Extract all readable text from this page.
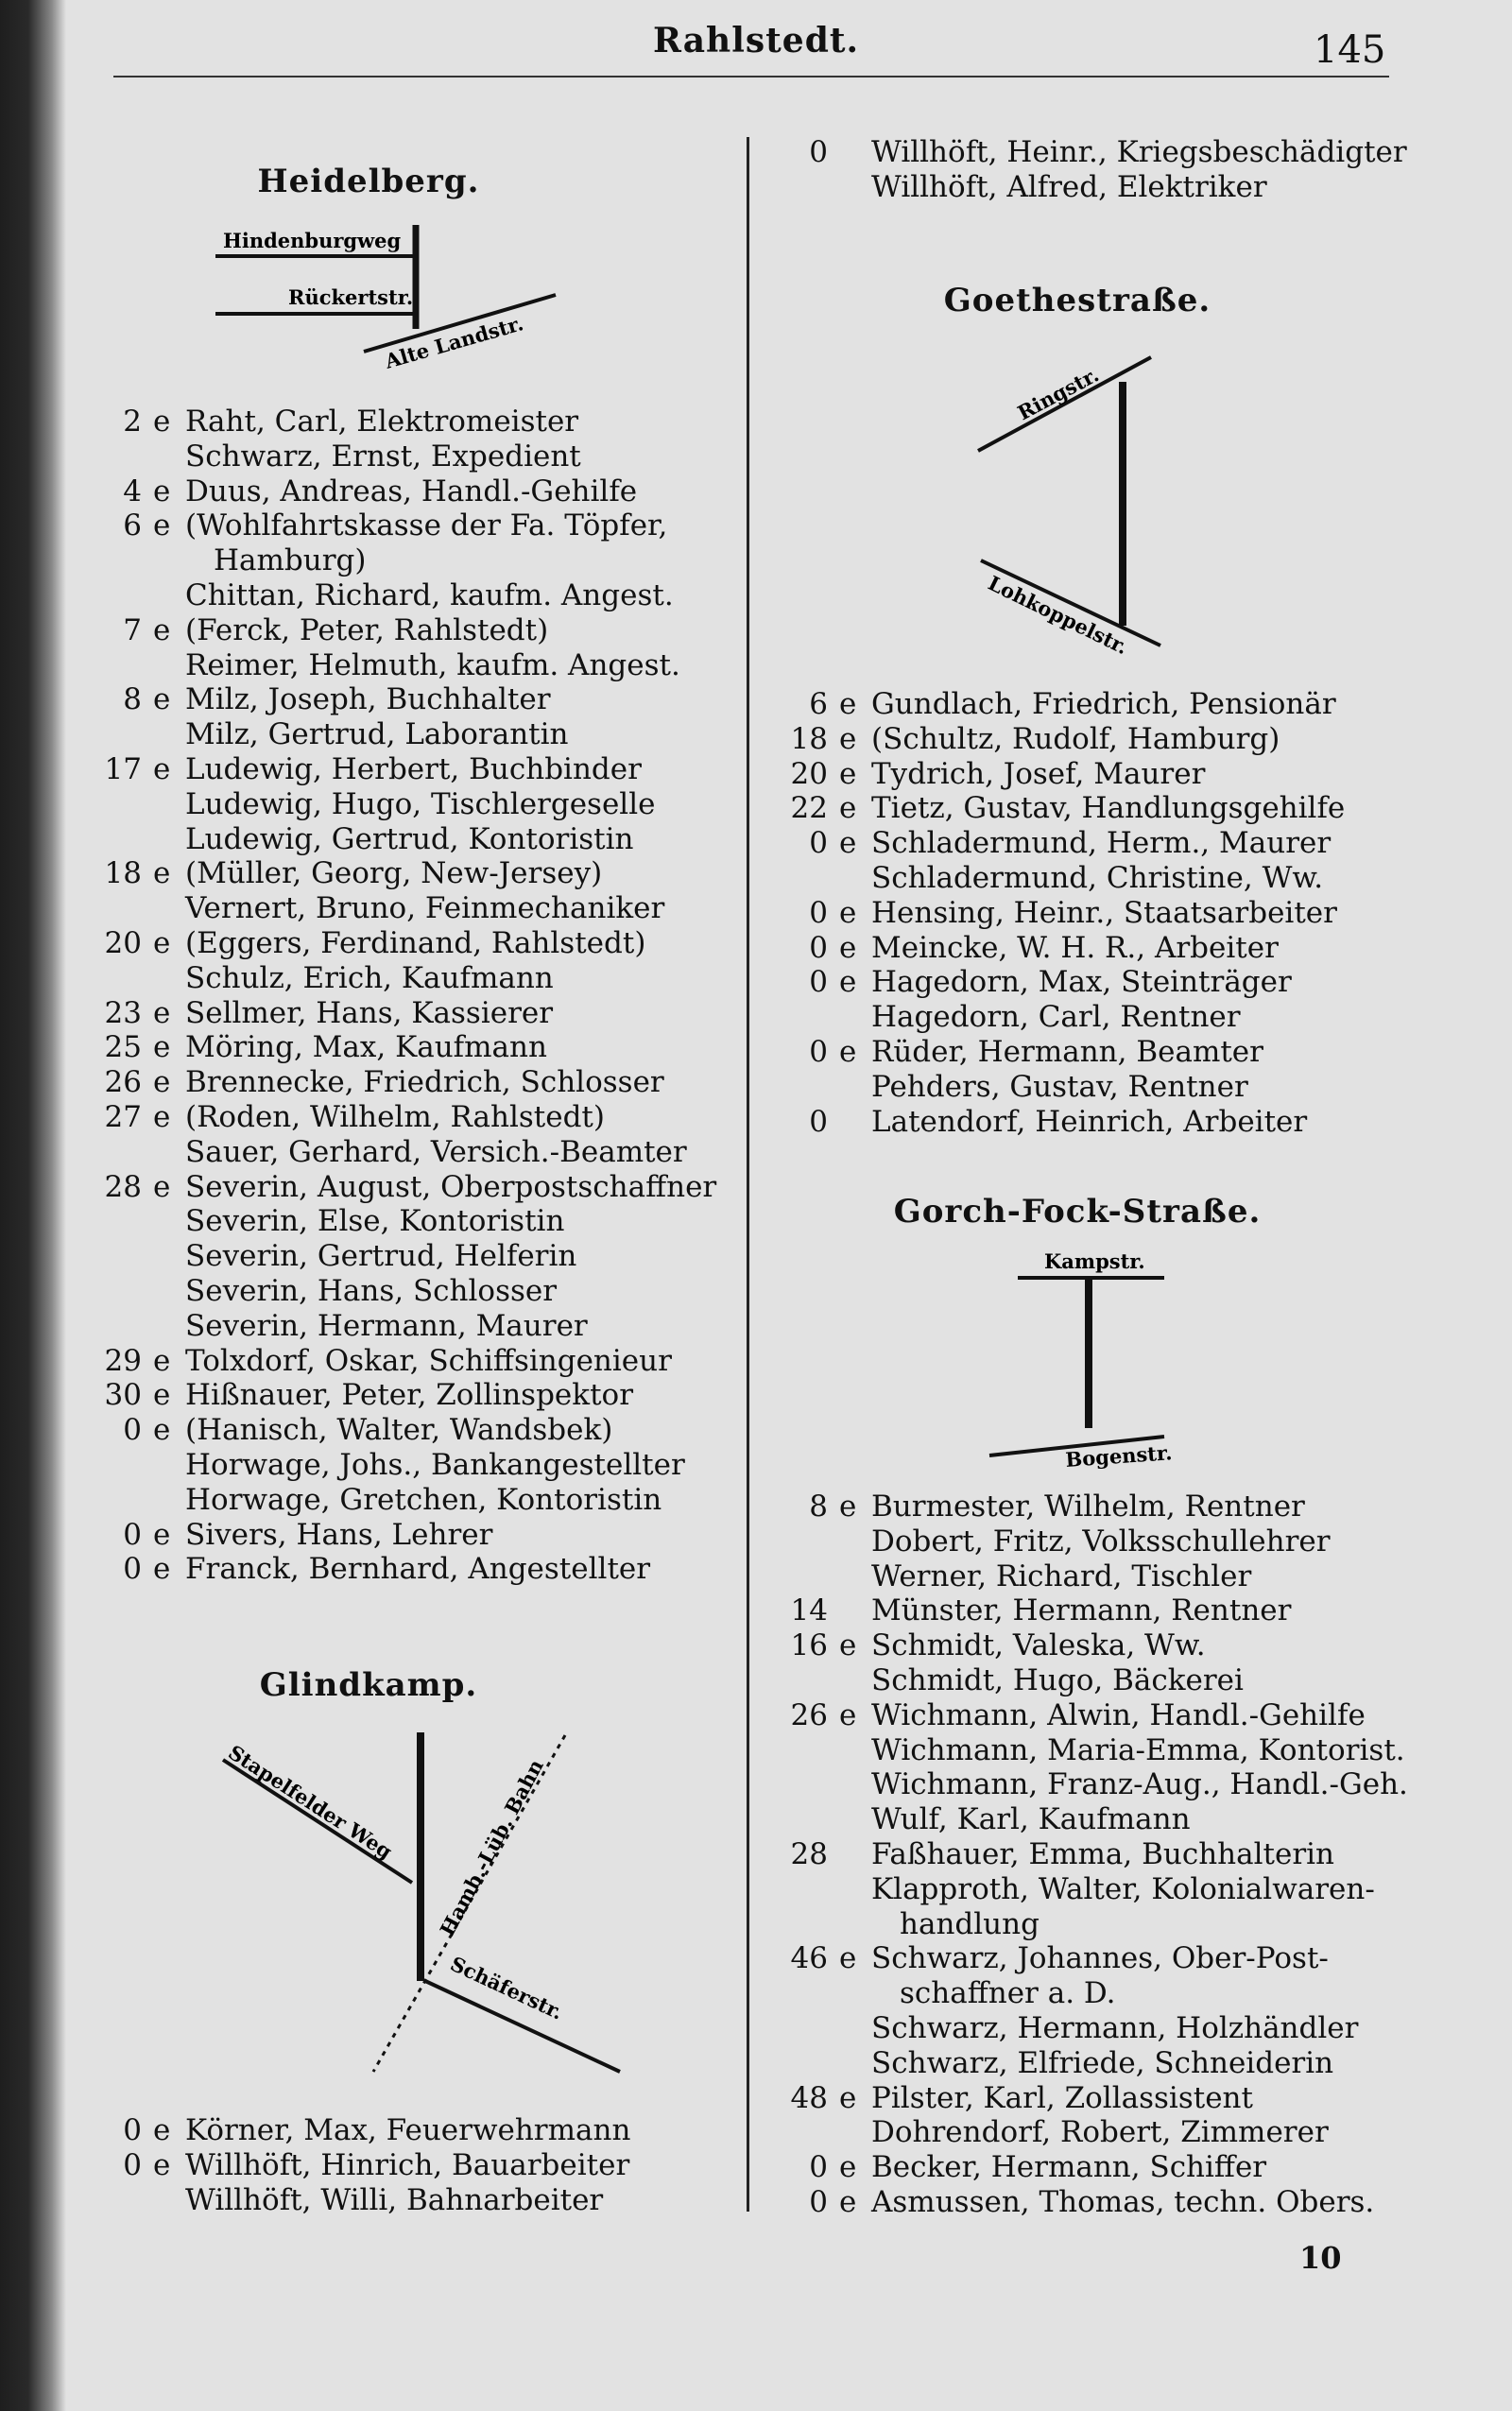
Rahlstedt.	145
Heidelberg.
Hindenburgweg
Rückertstr.
Alte Landstr.
2 e Raht, Carl, Elektromeister
Schwarz, Ernst, Expedient
4 e Duus, Andreas, Handl.-Gehilfe
6 e (Wohlfahrtskasse der Fa. Töpfer,
Hamburg)
Chittan, Richard, kaufm. Angest.
7 e (Ferck, Peter, Rahlstedt)
Reimer, Helmuth, kaufm. Angest.
8 e Milz, Joseph, Buchhalter
Milz, Gertrud, Laborantin
17 e Ludewig, Herbert, Buchbinder
Ludewig, Hugo, Tischlergeselle
Ludewig, Gertrud, Kontoristin
18 e (Müller, Georg, New-Jersey)
Vernert, Bruno, Feinmechaniker
20 e (Eggers, Ferdinand, Rahlstedt)
Schulz, Erich, Kaufmann
23 e Sellmer, Hans, Kassierer
25 e Möring, Max, Kaufmann
26 e Brennecke, Friedrich, Schlosser
27 e (Roden, Wilhelm, Rahlstedt)
Sauer, Gerhard, Versich.-Beamter
28 e Severin, August, Oberpostschaffner
Severin, Else, Kontoristin
Severin, Gertrud, Helferin
Severin, Hans, Schlosser
Severin, Hermann, Maurer
29 e Tolxdorf, Oskar, Schiffsingenieur
30 e Hißnauer, Peter, Zollinspektor
0 e (Hanisch, Walter, Wandsbek)
Horwage, Johs., Bankangestellter
Horwage, Gretchen, Kontoristin
0 e Sivers, Hans, Lehrer
0 e Franck, Bernhard, Angestellter
Glindkamp.
Stapelfelder Weg Hamb.-Lüb. Bahn
Schäferstr.
0 e Körner, Max, Feuerwehrmann
0 e Willhöft, Hinrich, Bauarbeiter
Willhöft, Willi, Bahnarbeiter
0 Willhöft, Heinr., Kriegsbeschädigter
Willhöft, Alfred, Elektriker
Goethestraße.
Ringstr.
Lohkoppelstr.
6 e Gundlach, Friedrich, Pensionär
18 e (Schultz, Rudolf, Hamburg)
20 e Tydrich, Josef, Maurer
22 e Tietz, Gustav, Handlungsgehilfe
0 e Schladermund, Herm., Maurer
Schladermund, Christine, Ww.
0 e Hensing, Heinr., Staatsarbeiter
0 e Meincke, W. H. R., Arbeiter
0 e Hagedorn, Max, Steinträger
Hagedorn, Carl, Rentner
0 e Rüder, Hermann, Beamter
Pehders, Gustav, Rentner
0 Latendorf, Heinrich, Arbeiter
Gorch-Fock-Straße.
Kampstr.
Bogenstr.
8 e Burmester, Wilhelm, Rentner
Dobert, Fritz, Volksschullehrer
Werner, Richard, Tischler
14 Münster, Hermann, Rentner
16 e Schmidt, Valeska, Ww.
Schmidt, Hugo, Bäckerei
26 e Wichmann, Alwin, Handl.-Gehilfe
Wichmann, Maria-Emma, Kontorist.
Wichmann, Franz-Aug., Handl.-Geh.
Wulf, Karl, Kaufmann
28 Faßhauer, Emma, Buchhalterin
Klapproth, Walter, Kolonialwaren-
handlung
46 e Schwarz, Johannes, Ober-Post-
schaffner a. D.
Schwarz, Hermann, Holzhändler
Schwarz, Elfriede, Schneiderin
48 e Pilster, Karl, Zollassistent
Dohrendorf, Robert, Zimmerer
0 e Becker, Hermann, Schiffer
0 e Asmussen, Thomas, techn. Obers.
10
